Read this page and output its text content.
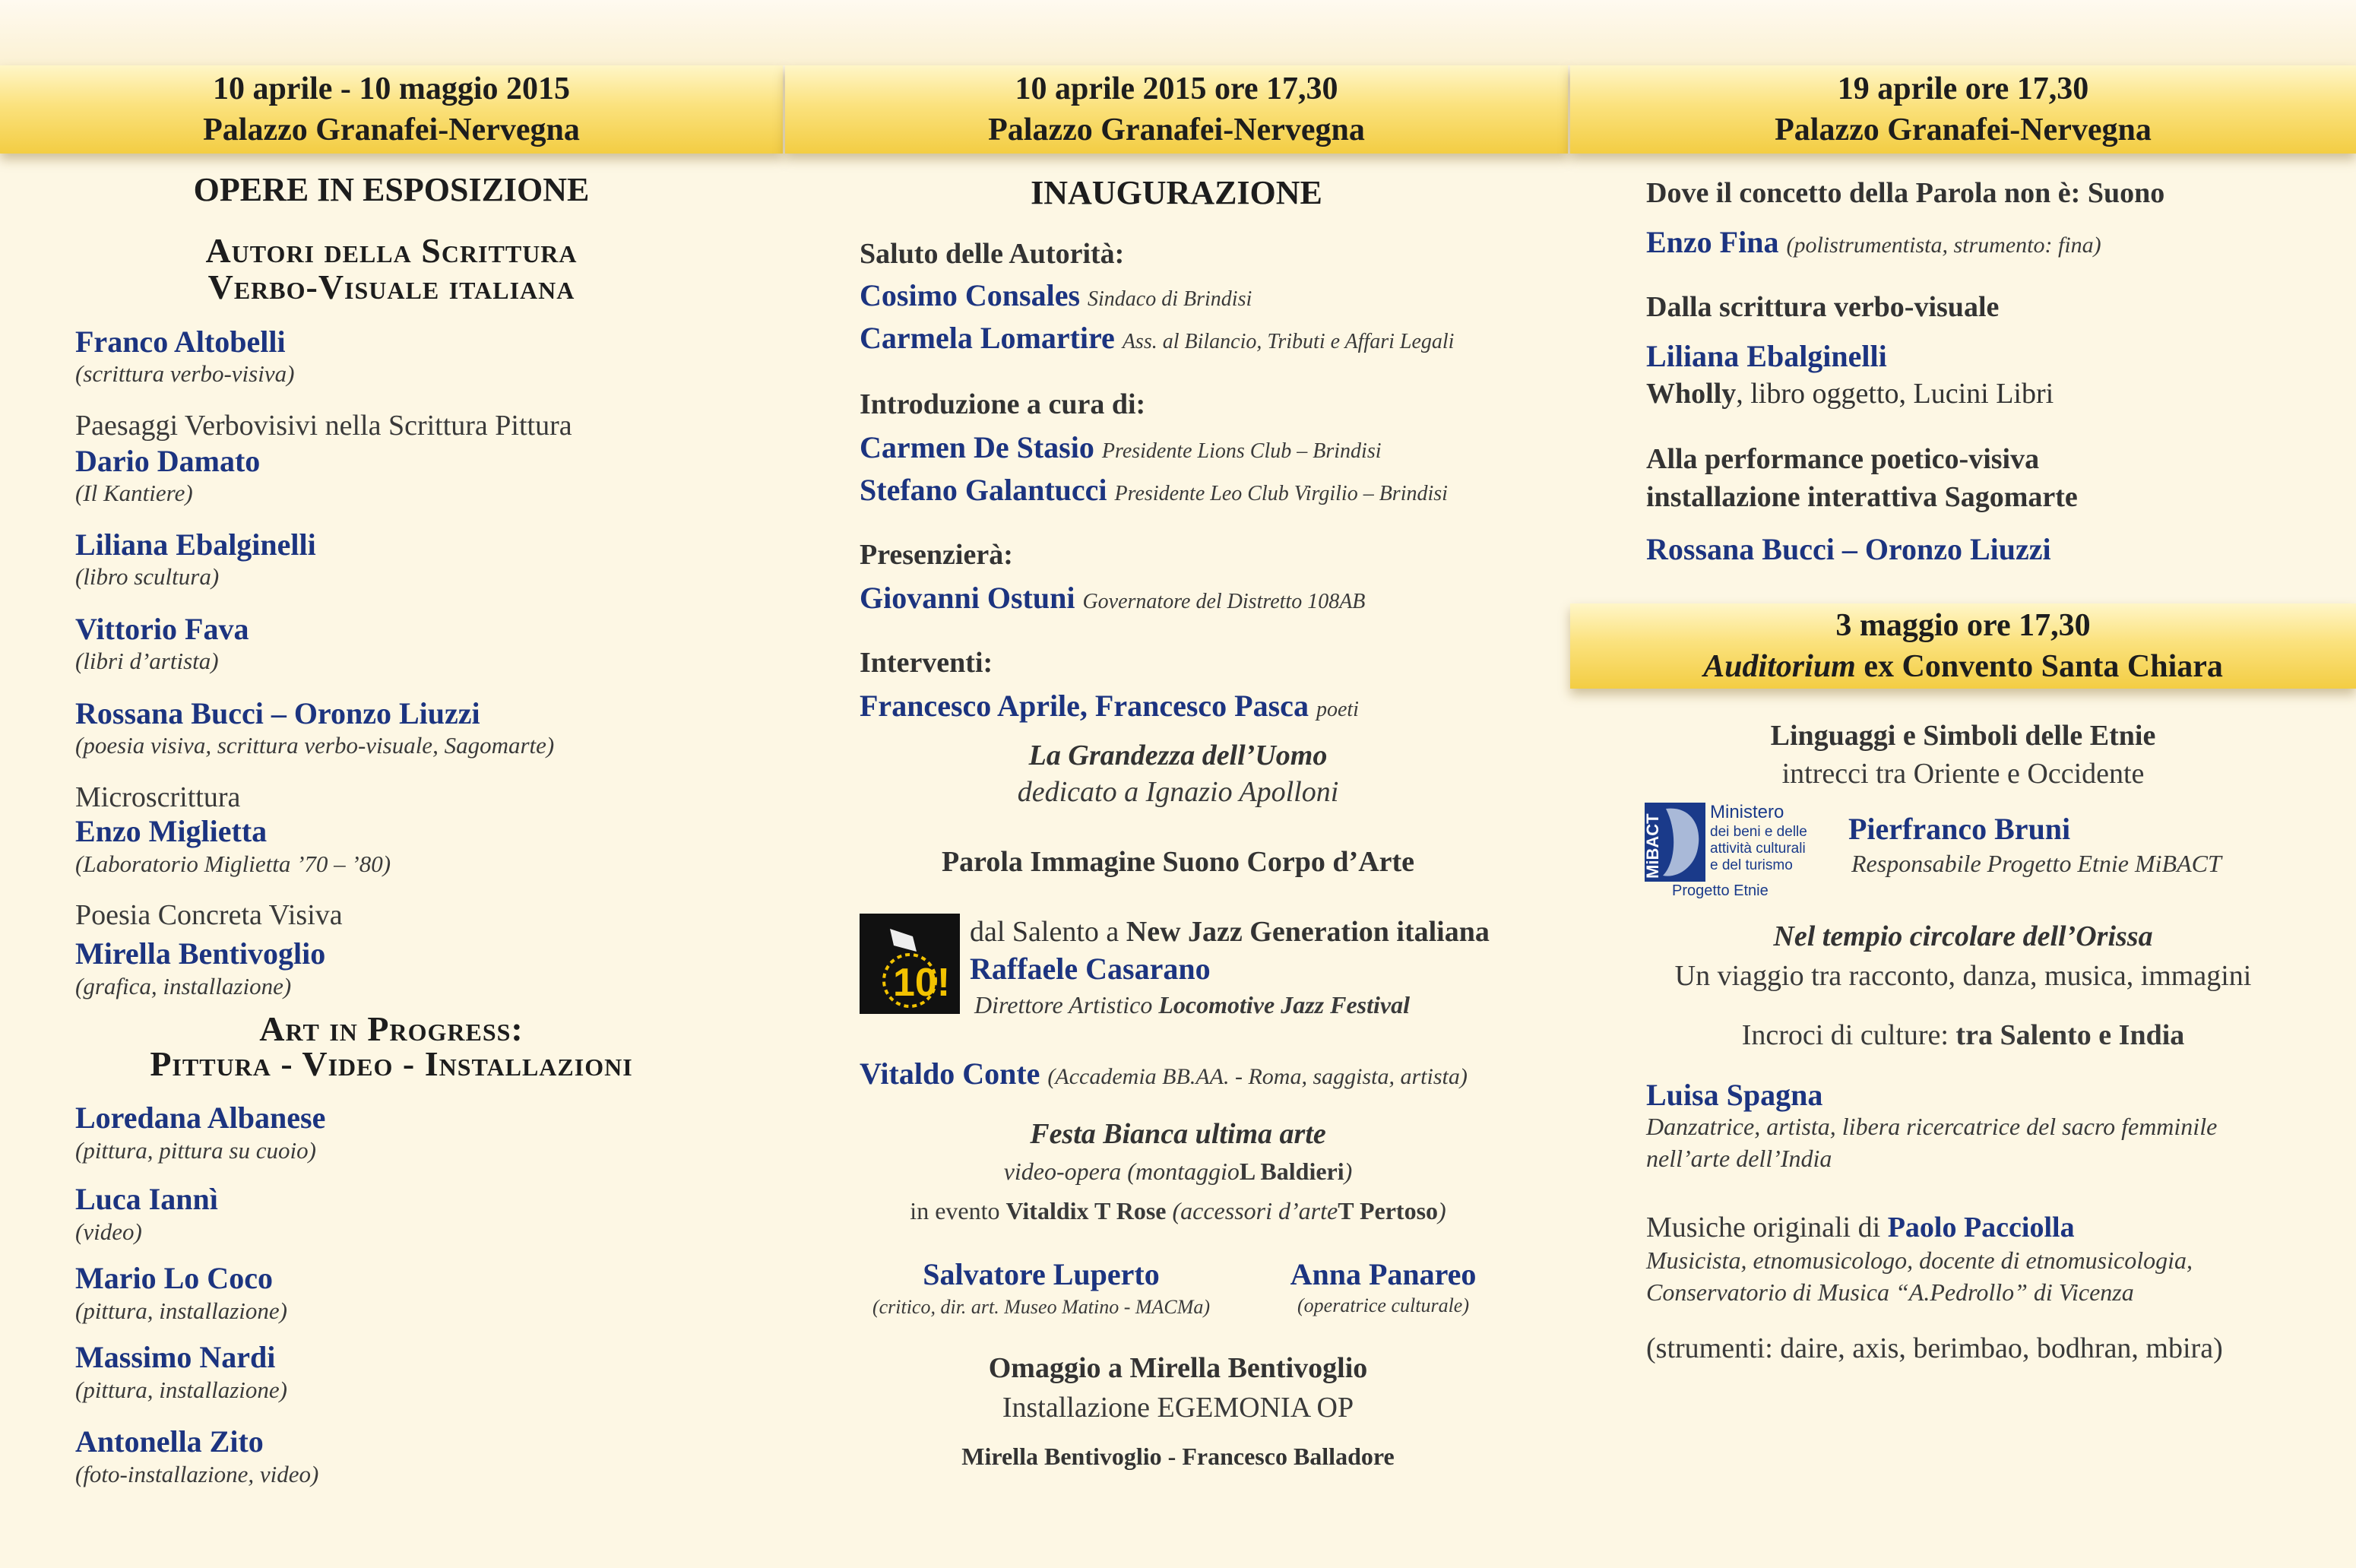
10 aprile - 10 maggio 2015
Palazzo Granafei-Nervegna
10 aprile 2015 ore 17,30
Palazzo Granafei-Nervegna
19 aprile ore 17,30
Palazzo Granafei-Nervegna
OPERE IN ESPOSIZIONE
Autori della Scrittura
Verbo-Visuale italiana
Franco Altobelli
(scrittura verbo-visiva)
Paesaggi Verbovisivi nella Scrittura Pittura
Dario Damato
(Il Kantiere)
Liliana Ebalginelli
(libro scultura)
Vittorio Fava
(libri d’artista)
Rossana Bucci – Oronzo Liuzzi
(poesia visiva, scrittura verbo-visuale, Sagomarte)
Microscrittura
Enzo Miglietta
(Laboratorio Miglietta ’70 – ’80)
Poesia Concreta Visiva
Mirella Bentivoglio
(grafica, installazione)
Art in Progress:
Pittura - Video - Installazioni
Loredana Albanese
(pittura, pittura su cuoio)
Luca Iannì
(video)
Mario Lo Coco
(pittura, installazione)
Massimo Nardi
(pittura, installazione)
Antonella Zito
(foto-installazione, video)
INAUGURAZIONE
Saluto delle Autorità:
Cosimo Consales Sindaco di Brindisi
Carmela Lomartire Ass. al Bilancio, Tributi e Affari Legali
Introduzione a cura di:
Carmen De Stasio Presidente Lions Club – Brindisi
Stefano Galantucci Presidente Leo Club Virgilio – Brindisi
Presenzierà:
Giovanni Ostuni Governatore del Distretto 108AB
Interventi:
Francesco Aprile, Francesco Pasca poeti
La Grandezza dell’Uomo
dedicato a Ignazio Apolloni
Parola Immagine Suono Corpo d’Arte
10!
dal Salento a New Jazz Generation italiana
Raffaele Casarano
Direttore Artistico Locomotive Jazz Festival
Vitaldo Conte (Accademia BB.AA. - Roma, saggista, artista)
Festa Bianca ultima arte
video-opera (montaggioL Baldieri)
in evento Vitaldix T Rose (accessori d’arteT Pertoso)
Salvatore Luperto
(critico, dir. art. Museo Matino - MACMa)
Anna Panareo
(operatrice culturale)
Omaggio a Mirella Bentivoglio
Installazione EGEMONIA OP
Mirella Bentivoglio - Francesco Balladore
Dove il concetto della Parola non è: Suono
Enzo Fina (polistrumentista, strumento: fina)
Dalla scrittura verbo-visuale
Liliana Ebalginelli
Wholly, libro oggetto, Lucini Libri
Alla performance poetico-visiva
installazione interattiva Sagomarte
Rossana Bucci – Oronzo Liuzzi
3 maggio ore 17,30
Auditorium ex Convento Santa Chiara
Linguaggi e Simboli delle Etnie
intrecci tra Oriente e Occidente
MiBACT
Ministero
dei beni e delle
attività culturali
e del turismo
Progetto Etnie
Pierfranco Bruni
Responsabile Progetto Etnie MiBACT
Nel tempio circolare dell’Orissa
Un viaggio tra racconto, danza, musica, immagini
Incroci di culture: tra Salento e India
Luisa Spagna
Danzatrice, artista, libera ricercatrice del sacro femminile
nell’arte dell’India
Musiche originali di Paolo Pacciolla
Musicista, etnomusicologo, docente di etnomusicologia,
Conservatorio di Musica “A.Pedrollo” di Vicenza
(strumenti: daire, axis, berimbao, bodhran, mbira)
